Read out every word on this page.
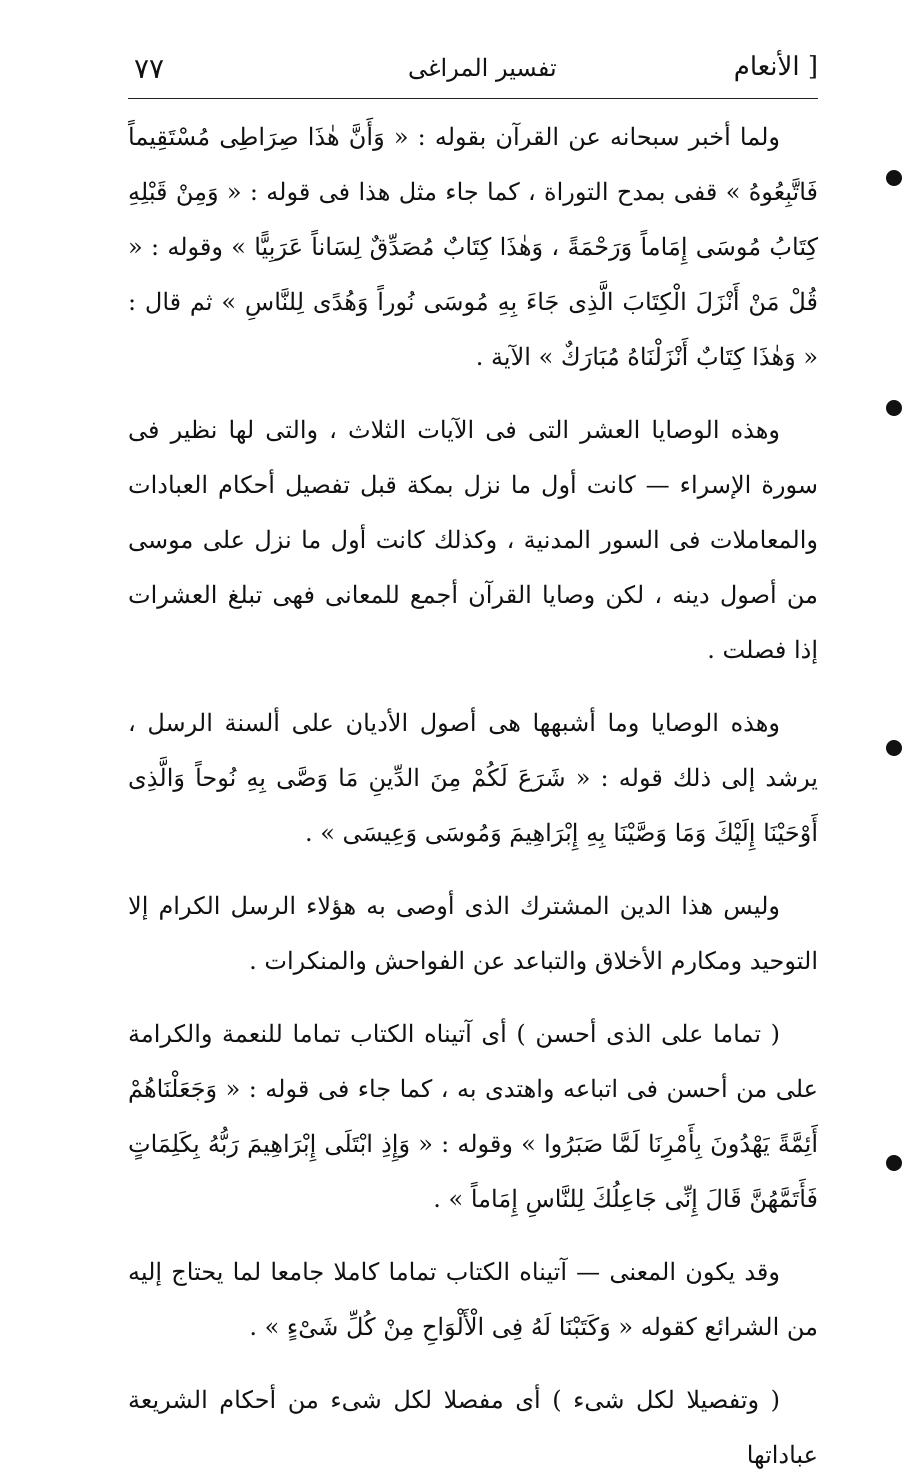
الأنعام ]
تفسير المراغى
٧٧

ولما أخبر سبحانه عن القرآن بقوله : « وَأَنَّ هٰذَا صِرَاطِى مُسْتَقِيماً فَاتَّبِعُوهُ » قفى بمدح التوراة ، كما جاء مثل هذا فى قوله : « وَمِنْ قَبْلِهِ كِتَابُ مُوسَى إِمَاماً وَرَحْمَةً ، وَهٰذَا كِتَابٌ مُصَدِّقٌ لِسَاناً عَرَبِيًّا » وقوله : « قُلْ مَنْ أَنْزَلَ الْكِتَابَ الَّذِى جَاءَ بِهِ مُوسَى نُوراً وَهُدًى لِلنَّاسِ » ثم قال : « وَهٰذَا كِتَابٌ أَنْزَلْنَاهُ مُبَارَكٌ » الآية .

وهذه الوصايا العشر التى فى الآيات الثلاث ، والتى لها نظير فى سورة الإسراء — كانت أول ما نزل بمكة قبل تفصيل أحكام العبادات والمعاملات فى السور المدنية ، وكذلك كانت أول ما نزل على موسى من أصول دينه ، لكن وصايا القرآن أجمع للمعانى فهى تبلغ العشرات إذا فصلت .

وهذه الوصايا وما أشبهها هى أصول الأديان على ألسنة الرسل ، يرشد إلى ذلك قوله : « شَرَعَ لَكُمْ مِنَ الدِّينِ مَا وَصَّى بِهِ نُوحاً وَالَّذِى أَوْحَيْنَا إِلَيْكَ وَمَا وَصَّيْنَا بِهِ إِبْرَاهِيمَ وَمُوسَى وَعِيسَى » .

وليس هذا الدين المشترك الذى أوصى به هؤلاء الرسل الكرام إلا التوحيد ومكارم الأخلاق والتباعد عن الفواحش والمنكرات .

( تماما على الذى أحسن ) أى آتيناه الكتاب تماما للنعمة والكرامة على من أحسن فى اتباعه واهتدى به ، كما جاء فى قوله : « وَجَعَلْنَاهُمْ أَئِمَّةً يَهْدُونَ بِأَمْرِنَا لَمَّا صَبَرُوا » وقوله : « وَإِذِ ابْتَلَى إِبْرَاهِيمَ رَبُّهُ بِكَلِمَاتٍ فَأَتَمَّهُنَّ قَالَ إِنِّى جَاعِلُكَ لِلنَّاسِ إِمَاماً » .

وقد يكون المعنى — آتيناه الكتاب تماما كاملا جامعا لما يحتاج إليه من الشرائع كقوله « وَكَتَبْنَا لَهُ فِى الْأَلْوَاحِ مِنْ كُلِّ شَىْءٍ » .

( وتفصيلا لكل شىء ) أى مفصلا لكل شىء من أحكام الشريعة عباداتها
